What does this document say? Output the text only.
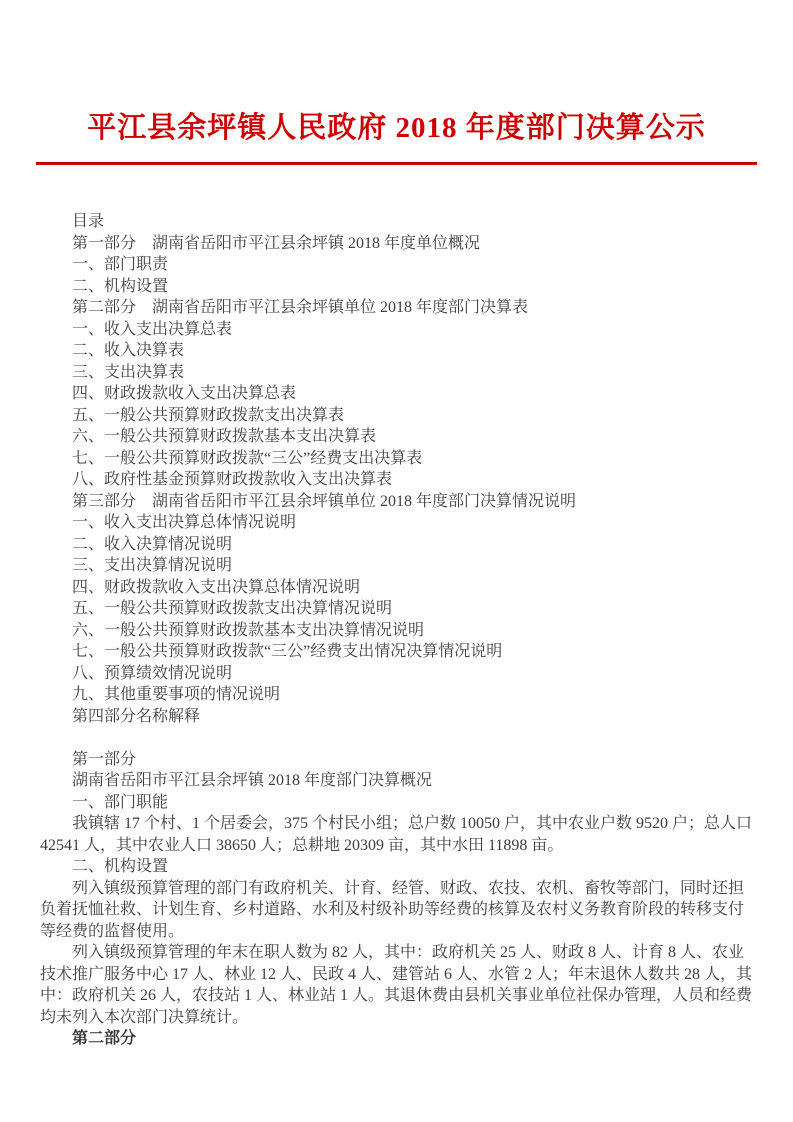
平江县余坪镇人民政府 2018 年度部门决算公示

目录

第一部分　湖南省岳阳市平江县余坪镇 2018 年度单位概况

一、部门职责

二、机构设置

第二部分　湖南省岳阳市平江县余坪镇单位 2018 年度部门决算表

一、收入支出决算总表

二、收入决算表

三、支出决算表

四、财政拨款收入支出决算总表

五、一般公共预算财政拨款支出决算表

六、一般公共预算财政拨款基本支出决算表

七、一般公共预算财政拨款“三公”经费支出决算表

八、政府性基金预算财政拨款收入支出决算表

第三部分　湖南省岳阳市平江县余坪镇单位 2018 年度部门决算情况说明

一、收入支出决算总体情况说明

二、收入决算情况说明

三、支出决算情况说明

四、财政拨款收入支出决算总体情况说明

五、一般公共预算财政拨款支出决算情况说明

六、一般公共预算财政拨款基本支出决算情况说明

七、一般公共预算财政拨款“三公”经费支出情况决算情况说明

八、预算绩效情况说明

九、其他重要事项的情况说明

第四部分名称解释

第一部分

湖南省岳阳市平江县余坪镇 2018 年度部门决算概况

一、部门职能

我镇辖 17 个村、1 个居委会，375 个村民小组；总户数 10050 户，其中农业户数 9520 户；总人口 42541 人，其中农业人口 38650 人；总耕地 20309 亩，其中水田 11898 亩。

二、机构设置

列入镇级预算管理的部门有政府机关、计育、经管、财政、农技、农机、畜牧等部门，同时还担负着抚恤社救、计划生育、乡村道路、水利及村级补助等经费的核算及农村义务教育阶段的转移支付等经费的监督使用。

列入镇级预算管理的年末在职人数为 82 人，其中：政府机关 25 人、财政 8 人、计育 8 人、农业技术推广服务中心 17 人、林业 12 人、民政 4 人、建管站 6 人、水管 2 人；年末退休人数共 28 人，其中：政府机关 26 人，农技站 1 人、林业站 1 人。其退休费由县机关事业单位社保办管理，人员和经费均未列入本次部门决算统计。

第二部分
